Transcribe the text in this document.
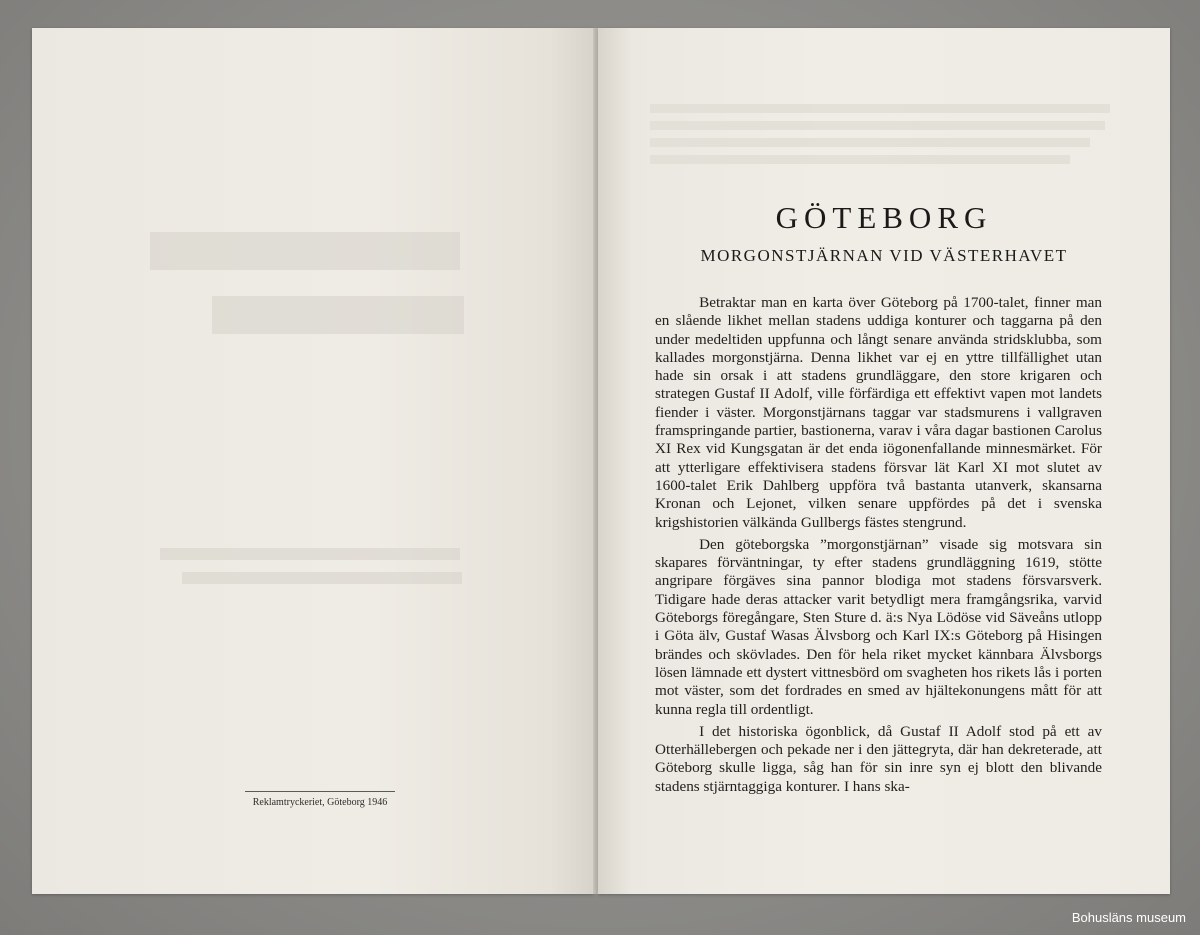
Reklamtryckeriet, Göteborg 1946
GÖTEBORG
MORGONSTJÄRNAN VID VÄSTERHAVET

Betraktar man en karta över Göteborg på 1700-talet, finner man en slående likhet mellan stadens uddiga konturer och taggarna på den under medeltiden uppfunna och långt senare använda stridsklubba, som kallades morgonstjärna. Denna likhet var ej en yttre tillfällighet utan hade sin orsak i att stadens grundläggare, den store krigaren och strategen Gustaf II Adolf, ville förfärdiga ett effektivt vapen mot landets fiender i väster. Morgonstjärnans taggar var stadsmurens i vallgraven framspringande partier, bastionerna, varav i våra dagar bastionen Carolus XI Rex vid Kungsgatan är det enda iögonenfallande minnesmärket. För att ytterligare effektivisera stadens försvar lät Karl XI mot slutet av 1600-talet Erik Dahlberg uppföra två bastanta utanverk, skansarna Kronan och Lejonet, vilken senare uppfördes på det i svenska krigshistorien välkända Gullbergs fästes stengrund.

Den göteborgska ”morgonstjärnan” visade sig motsvara sin skapares förväntningar, ty efter stadens grundläggning 1619, stötte angripare förgäves sina pannor blodiga mot stadens försvarsverk. Tidigare hade deras attacker varit betydligt mera framgångsrika, varvid Göteborgs föregångare, Sten Sture d. ä:s Nya Lödöse vid Säveåns utlopp i Göta älv, Gustaf Wasas Älvsborg och Karl IX:s Göteborg på Hisingen brändes och skövlades. Den för hela riket mycket kännbara Älvsborgs lösen lämnade ett dystert vittnesbörd om svagheten hos rikets lås i porten mot väster, som det fordrades en smed av hjältekonungens mått för att kunna regla till ordentligt.

I det historiska ögonblick, då Gustaf II Adolf stod på ett av Otterhällebergen och pekade ner i den jättegryta, där han dekreterade, att Göteborg skulle ligga, såg han för sin inre syn ej blott den blivande stadens stjärntaggiga konturer. I hans ska-

Bohusläns museum
